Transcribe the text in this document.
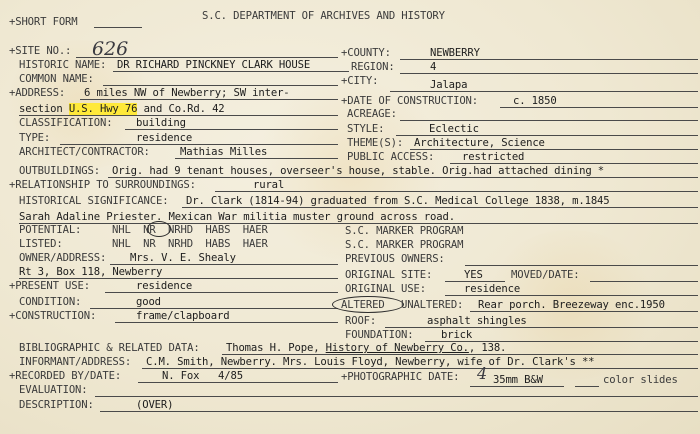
+SHORT FORM	S.C. DEPARTMENT OF ARCHIVES AND HISTORY
+SITE NO.: 626	+COUNTY:	NEWBERRY
REGION:	4
+CITY:	Jalapa
+DATE OF CONSTRUCTION:	c. 1850
ACREAGE:
STYLE:	Eclectic
THEME(S): Architecture, Science
PUBLIC ACCESS:	restricted
HISTORIC NAME: DR RICHARD PINCKNEY CLARK HOUSE
COMMON NAME:
+ADDRESS: 6 miles NW of Newberry; SW inter-
section U.S. Hwy 76 and Co.Rd. 42
CLASSIFICATION: building
TYPE:	residence
ARCHITECT/CONTRACTOR:	Mathias Milles
OUTBUILDINGS: Orig. had 9 tenant houses, overseer's house, stable. Orig.had attached dining *
+RELATIONSHIP TO SURROUNDINGS:	rural
HISTORICAL SIGNIFICANCE: Dr. Clark (1814-94) graduated from S.C. Medical College 1838, m.1845
Sarah Adaline Priester. Mexican War militia muster ground across road.
POTENTIAL:	NHL  NR  NRHD  HABS  HAER	S.C. MARKER PROGRAM
LISTED:	NHL  NR  NRHD  HABS  HAER	S.C. MARKER PROGRAM
OWNER/ADDRESS: Mrs. V. E. Shealy
Rt 3, Box 118, Newberry
PREVIOUS OWNERS:
ORIGINAL SITE:	YES	MOVED/DATE:
+PRESENT USE:	residence	ORIGINAL USE:	residence
CONDITION:	good	ALTERED UNALTERED: Rear porch. Breezeway enc.1950
+CONSTRUCTION:	frame/clapboard	ROOF:	asphalt shingles
FOUNDATION:	brick
BIBLIOGRAPHIC & RELATED DATA: Thomas H. Pope, History of Newberry Co., 138.
INFORMANT/ADDRESS: C.M. Smith, Newberry. Mrs. Louis Floyd, Newberry, wife of Dr. Clark's **
+RECORDED BY/DATE:	N. Fox   4/85	+PHOTOGRAPHIC DATE: 4 35mm B&W	color slides
EVALUATION:
DESCRIPTION:	(OVER)
